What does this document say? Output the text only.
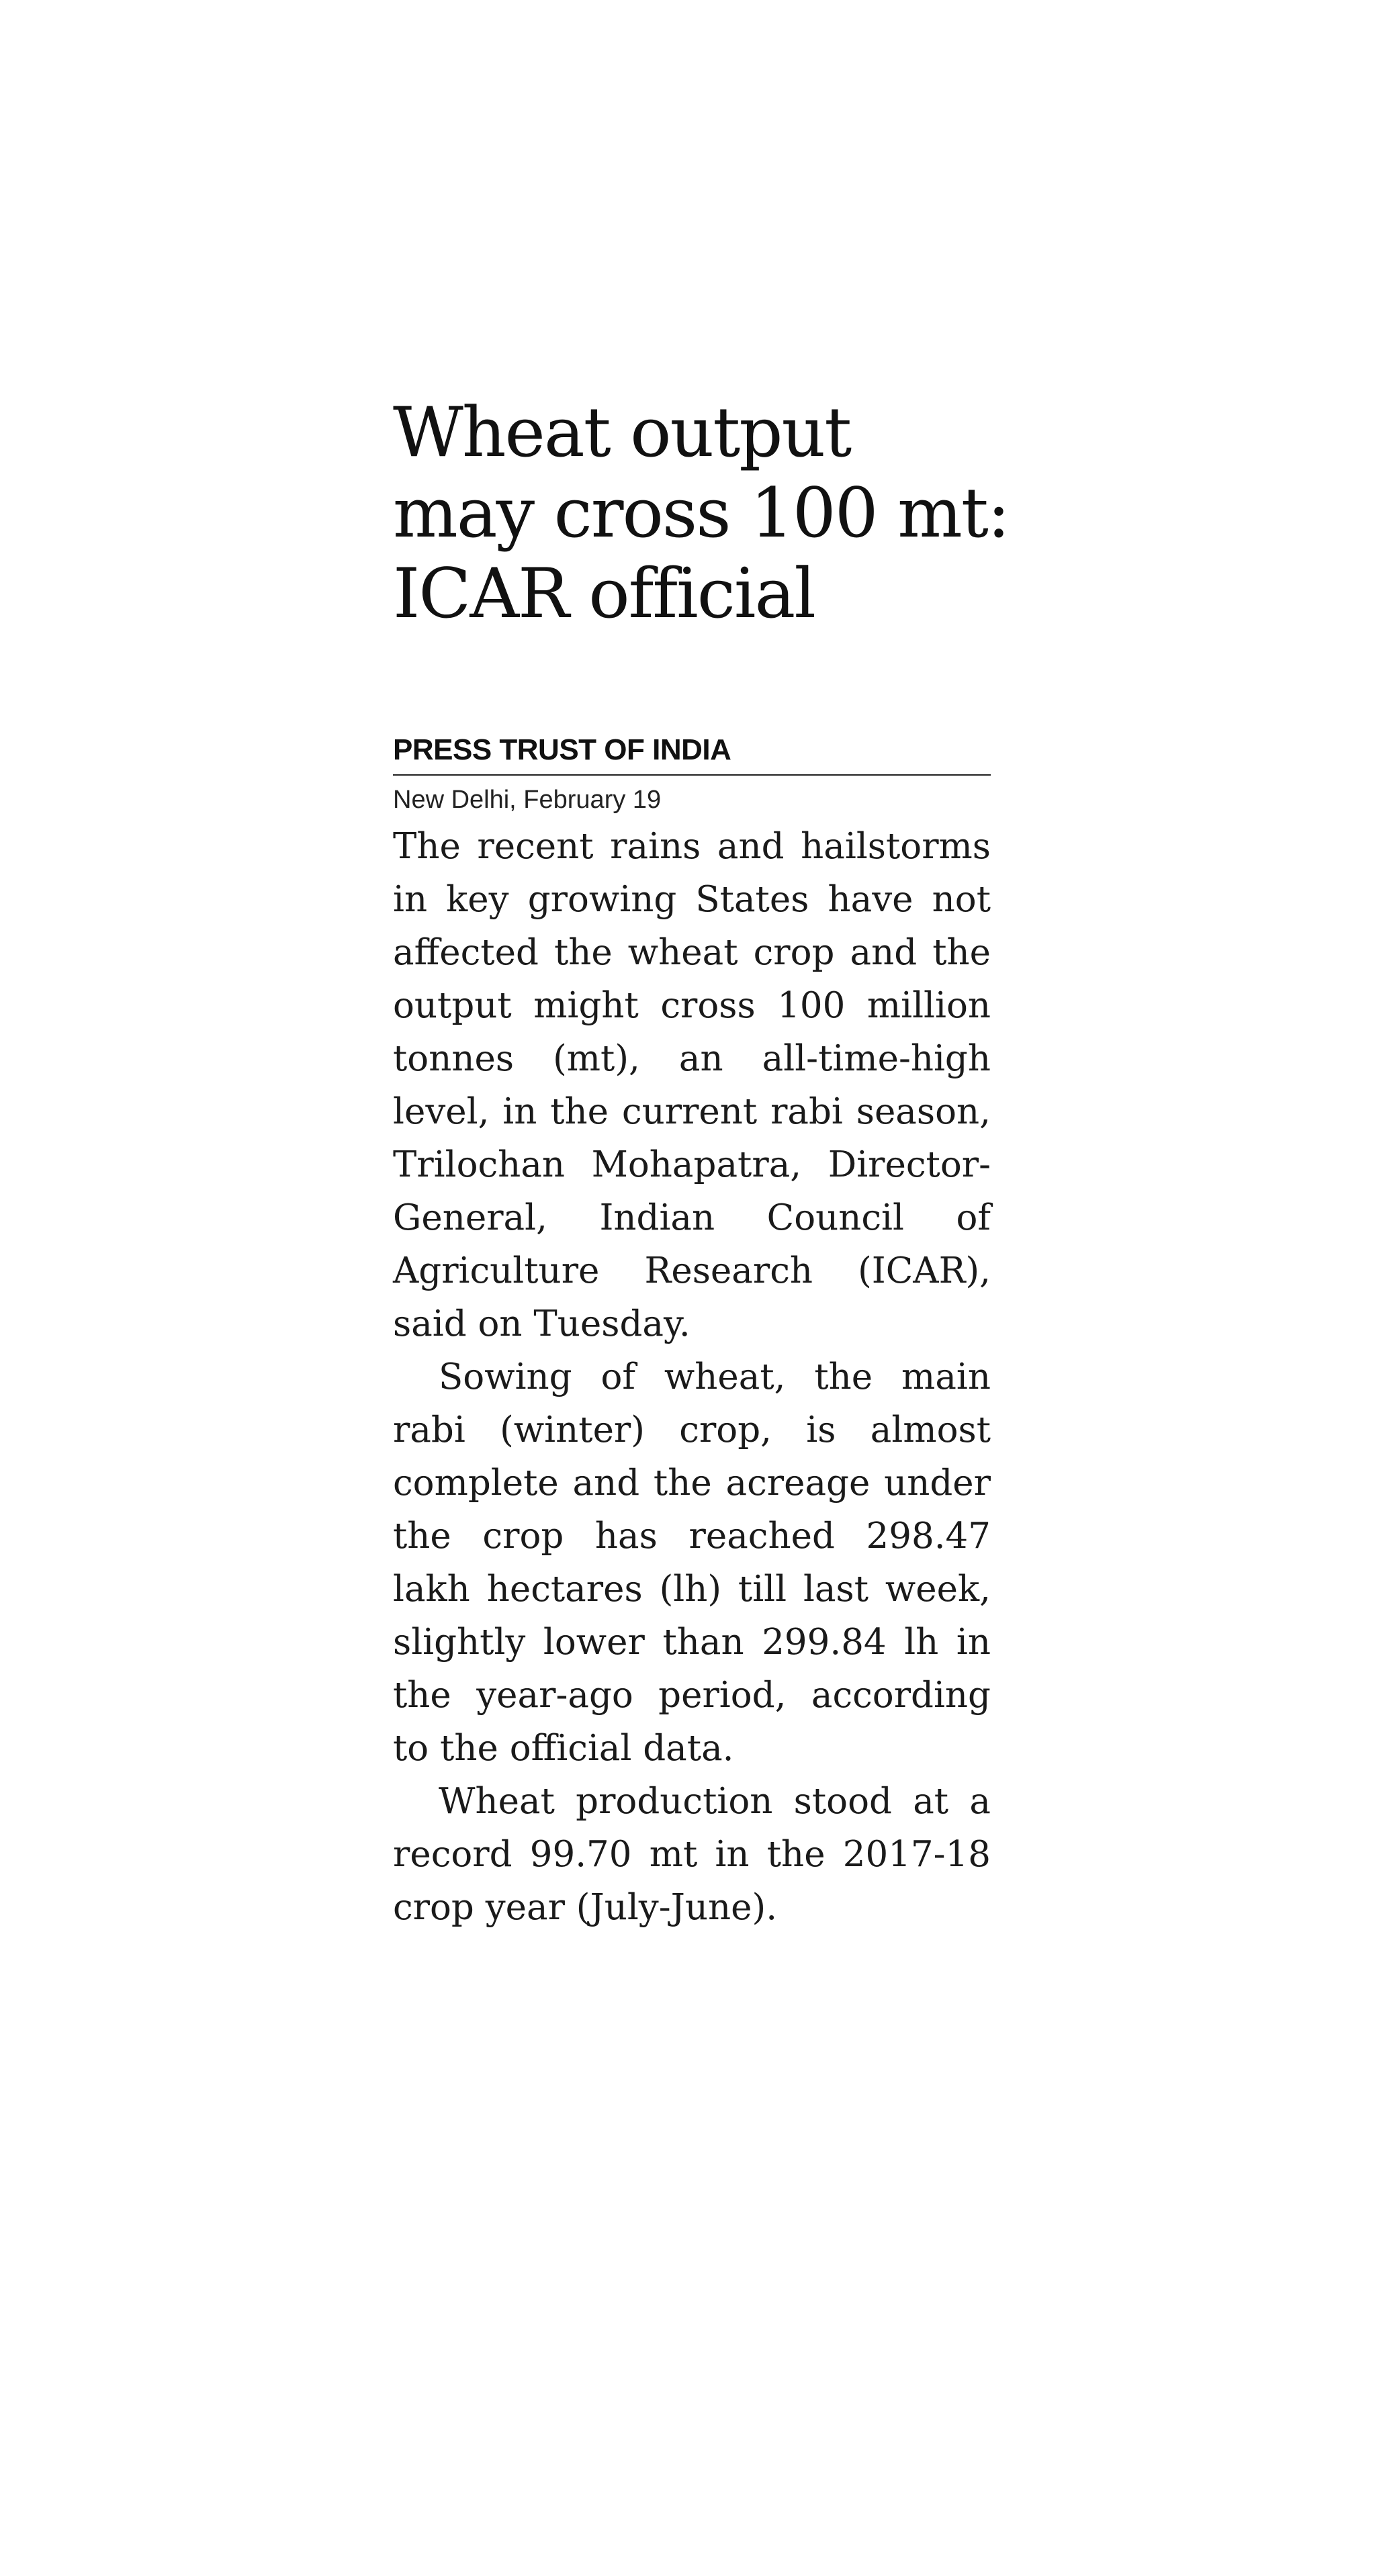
Wheat output
may cross 100 mt:
ICAR official
PRESS TRUST OF INDIA
New Delhi, February 19

The recent rains and hailstorms in key growing States have not affected the wheat crop and the output might cross 100 million tonnes (mt), an all-time-high level, in the current rabi season, Trilochan Mohapatra, Director-General, Indian Council of Agriculture Research (ICAR), said on Tuesday.

Sowing of wheat, the main rabi (winter) crop, is almost complete and the acreage under the crop has reached 298.47 lakh hectares (lh) till last week, slightly lower than 299.84 lh in the year-ago period, according to the official data.

Wheat production stood at a record 99.70 mt in the 2017-18 crop year (July-June).
